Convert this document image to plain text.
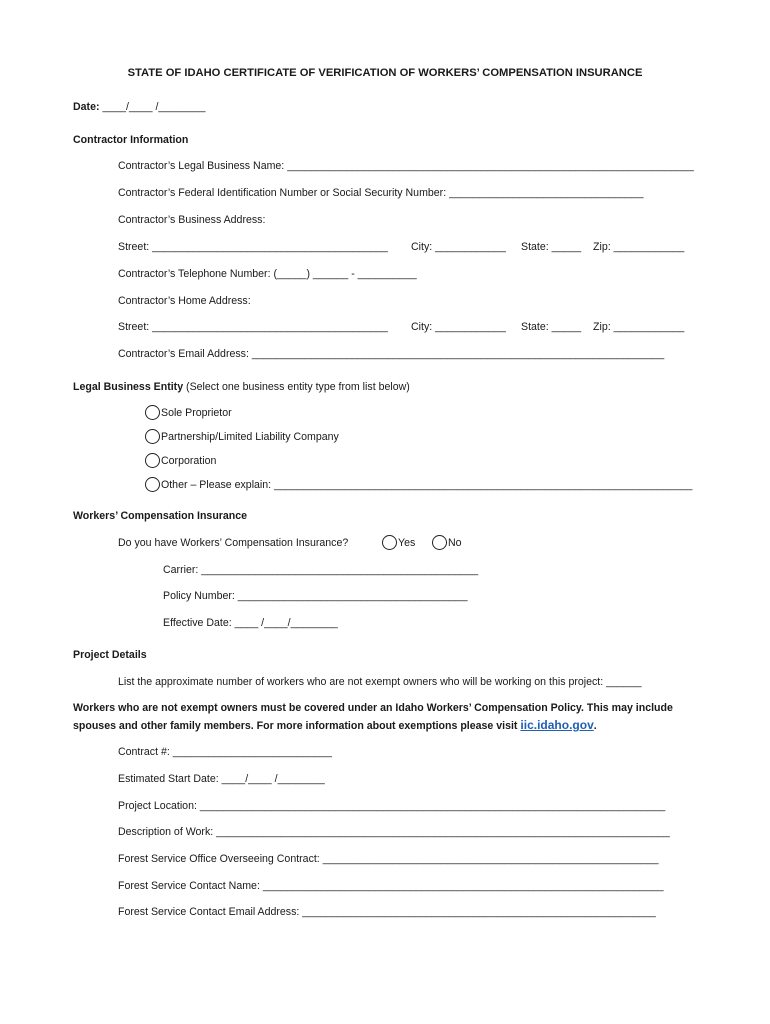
STATE OF IDAHO CERTIFICATE OF VERIFICATION OF WORKERS’ COMPENSATION INSURANCE
Date: ____/____ /________
Contractor Information
Contractor’s Legal Business Name: _____________________________________________________________________
Contractor’s Federal Identification Number or Social Security Number: _________________________________
Contractor’s Business Address:
Street: ________________________________________ City: ____________ State: _____ Zip: ____________
Contractor’s Telephone Number: (_____) ______ - __________
Contractor’s Home Address:
Street: ________________________________________ City: ____________ State: _____ Zip: ____________
Contractor’s Email Address: ______________________________________________________________________
Legal Business Entity (Select one business entity type from list below)
Sole Proprietor
Partnership/Limited Liability Company
Corporation
Other – Please explain: _______________________________________________________________________
Workers’ Compensation Insurance
Do you have Workers’ Compensation Insurance?	Yes	No
Carrier: _______________________________________________
Policy Number: _______________________________________
Effective Date: ____ /____/________
Project Details
List the approximate number of workers who are not exempt owners who will be working on this project: ______
Workers who are not exempt owners must be covered under an Idaho Workers’ Compensation Policy. This may include
spouses and other family members. For more information about exemptions please visit iic.idaho.gov.
Contract #: ___________________________
Estimated Start Date: ____/____ /________
Project Location: _______________________________________________________________________________
Description of Work: _____________________________________________________________________________
Forest Service Office Overseeing Contract: _________________________________________________________
Forest Service Contact Name: ____________________________________________________________________
Forest Service Contact Email Address: ____________________________________________________________
